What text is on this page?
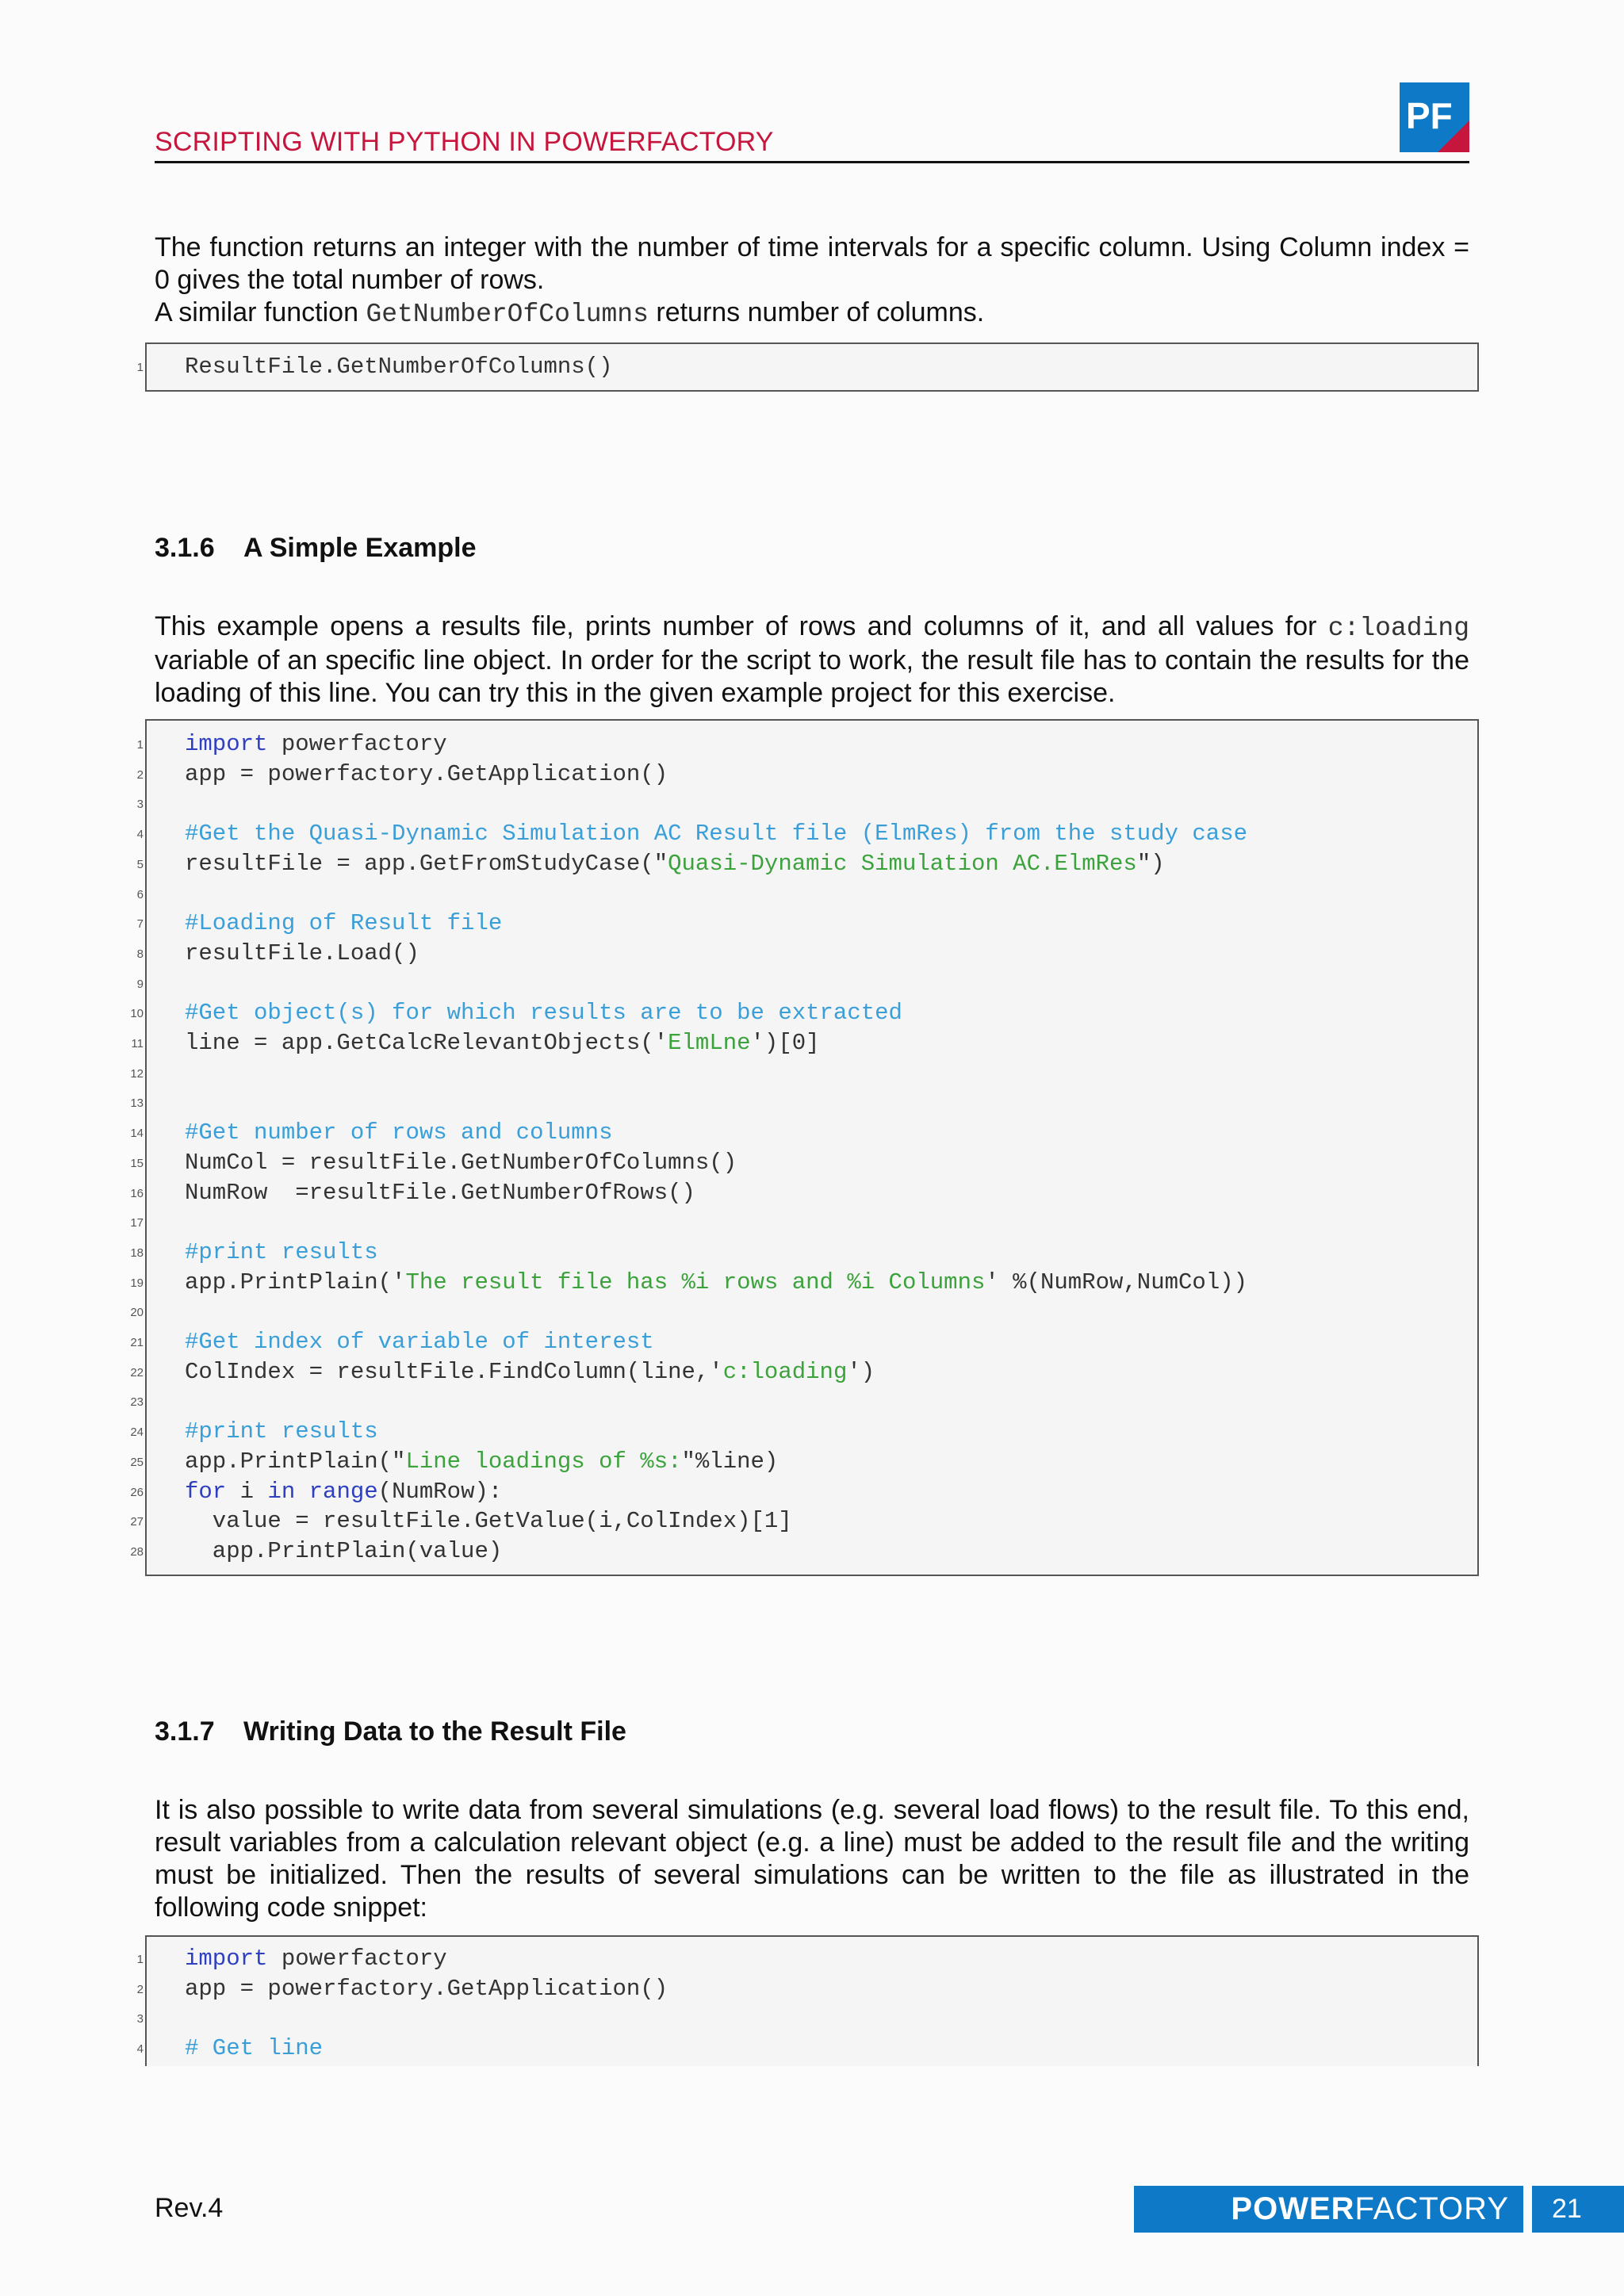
SCRIPTING WITH PYTHON IN POWERFACTORY
PF
The function returns an integer with the number of time intervals for a specific column. Using Column index = 0 gives the total number of rows.
A similar function GetNumberOfColumns returns number of columns.
1 ResultFile.GetNumberOfColumns()
3.1.6 A Simple Example
This example opens a results file, prints number of rows and columns of it, and all values for c:loading variable of an specific line object. In order for the script to work, the result file has to contain the results for the loading of this line. You can try this in the given example project for this exercise.
1 import powerfactory
2 app = powerfactory.GetApplication()
3
4 #Get the Quasi-Dynamic Simulation AC Result file (ElmRes) from the study case
5 resultFile = app.GetFromStudyCase("Quasi-Dynamic Simulation AC.ElmRes")
6
7 #Loading of Result file
8 resultFile.Load()
9
10 #Get object(s) for which results are to be extracted
11 line = app.GetCalcRelevantObjects('ElmLne')[0]
12
13
14 #Get number of rows and columns
15 NumCol = resultFile.GetNumberOfColumns()
16 NumRow  =resultFile.GetNumberOfRows()
17
18 #print results
19 app.PrintPlain('The result file has %i rows and %i Columns' %(NumRow,NumCol))
20
21 #Get index of variable of interest
22 ColIndex = resultFile.FindColumn(line,'c:loading')
23
24 #print results
25 app.PrintPlain("Line loadings of %s:"%line)
26 for i in range(NumRow):
27 value = resultFile.GetValue(i,ColIndex)[1]
28 app.PrintPlain(value)
3.1.7 Writing Data to the Result File
It is also possible to write data from several simulations (e.g. several load flows) to the result file. To this end, result variables from a calculation relevant object (e.g. a line) must be added to the result file and the writing must be initialized. Then the results of several simulations can be written to the file as illustrated in the following code snippet:
1 import powerfactory
2 app = powerfactory.GetApplication()
3
4 # Get line
Rev.4	POWERFACTORY	21
